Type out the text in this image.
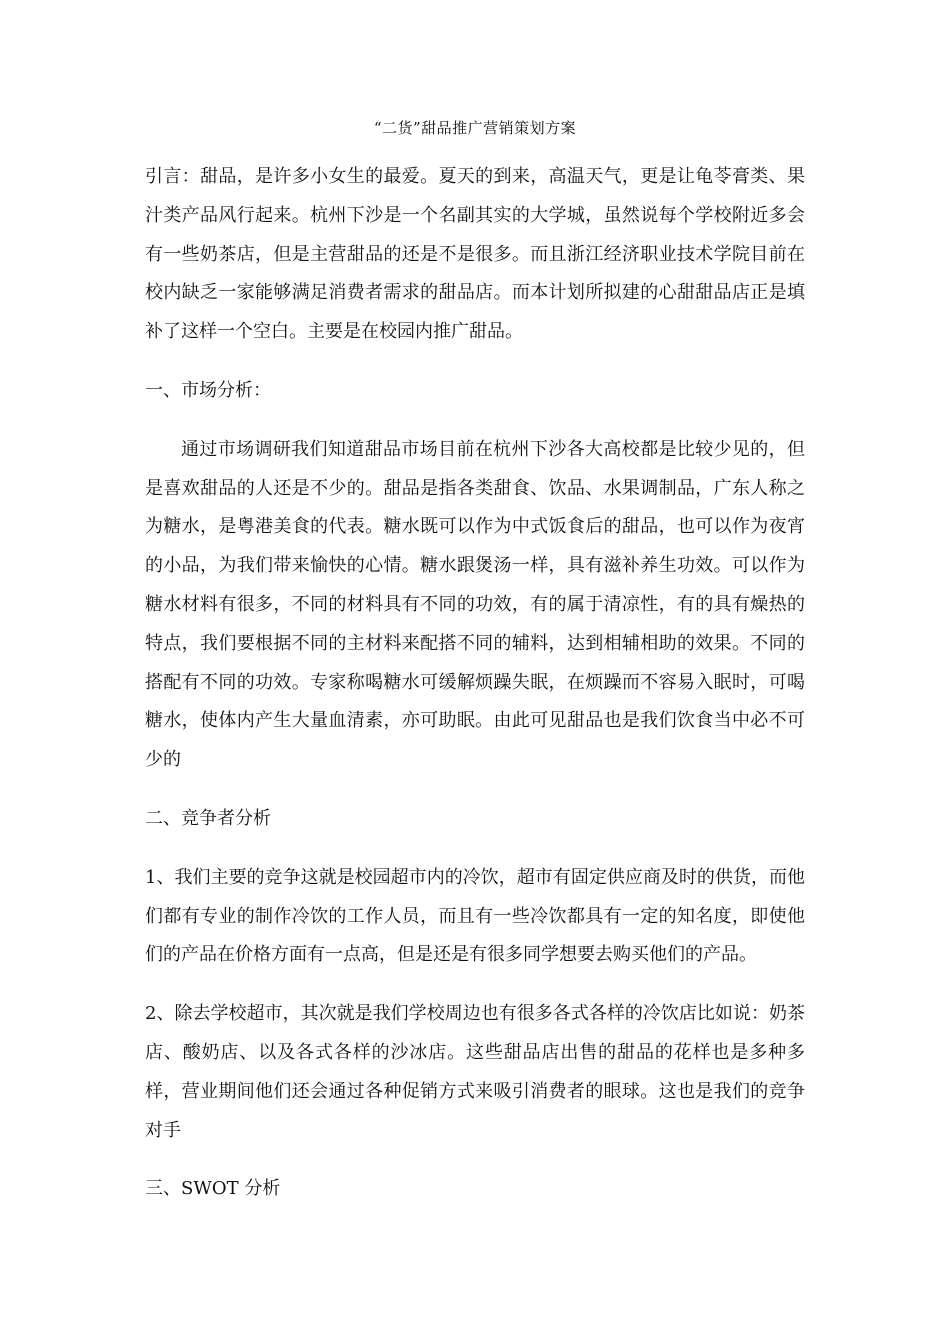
“二货”甜品推广营销策划方案

引言：甜品，是许多小女生的最爱。夏天的到来，高温天气，更是让龟苓膏类、果汁类产品风行起来。杭州下沙是一个名副其实的大学城，虽然说每个学校附近多会有一些奶茶店，但是主营甜品的还是不是很多。而且浙江经济职业技术学院目前在校内缺乏一家能够满足消费者需求的甜品店。而本计划所拟建的心甜甜品店正是填补了这样一个空白。主要是在校园内推广甜品。

一、市场分析：

通过市场调研我们知道甜品市场目前在杭州下沙各大高校都是比较少见的，但是喜欢甜品的人还是不少的。甜品是指各类甜食、饮品、水果调制品，广东人称之为糖水，是粤港美食的代表。糖水既可以作为中式饭食后的甜品，也可以作为夜宵的小品，为我们带来愉快的心情。糖水跟煲汤一样，具有滋补养生功效。可以作为糖水材料有很多，不同的材料具有不同的功效，有的属于清凉性，有的具有燥热的特点，我们要根据不同的主材料来配搭不同的辅料，达到相辅相助的效果。不同的搭配有不同的功效。专家称喝糖水可缓解烦躁失眠，在烦躁而不容易入眠时，可喝糖水，使体内产生大量血清素，亦可助眠。由此可见甜品也是我们饮食当中必不可少的

二、竞争者分析

1、我们主要的竞争这就是校园超市内的冷饮，超市有固定供应商及时的供货，而他们都有专业的制作冷饮的工作人员，而且有一些冷饮都具有一定的知名度，即使他们的产品在价格方面有一点高，但是还是有很多同学想要去购买他们的产品。

2、除去学校超市，其次就是我们学校周边也有很多各式各样的冷饮店比如说：奶茶店、酸奶店、以及各式各样的沙冰店。这些甜品店出售的甜品的花样也是多种多样，营业期间他们还会通过各种促销方式来吸引消费者的眼球。这也是我们的竞争对手

三、SWOT 分析
